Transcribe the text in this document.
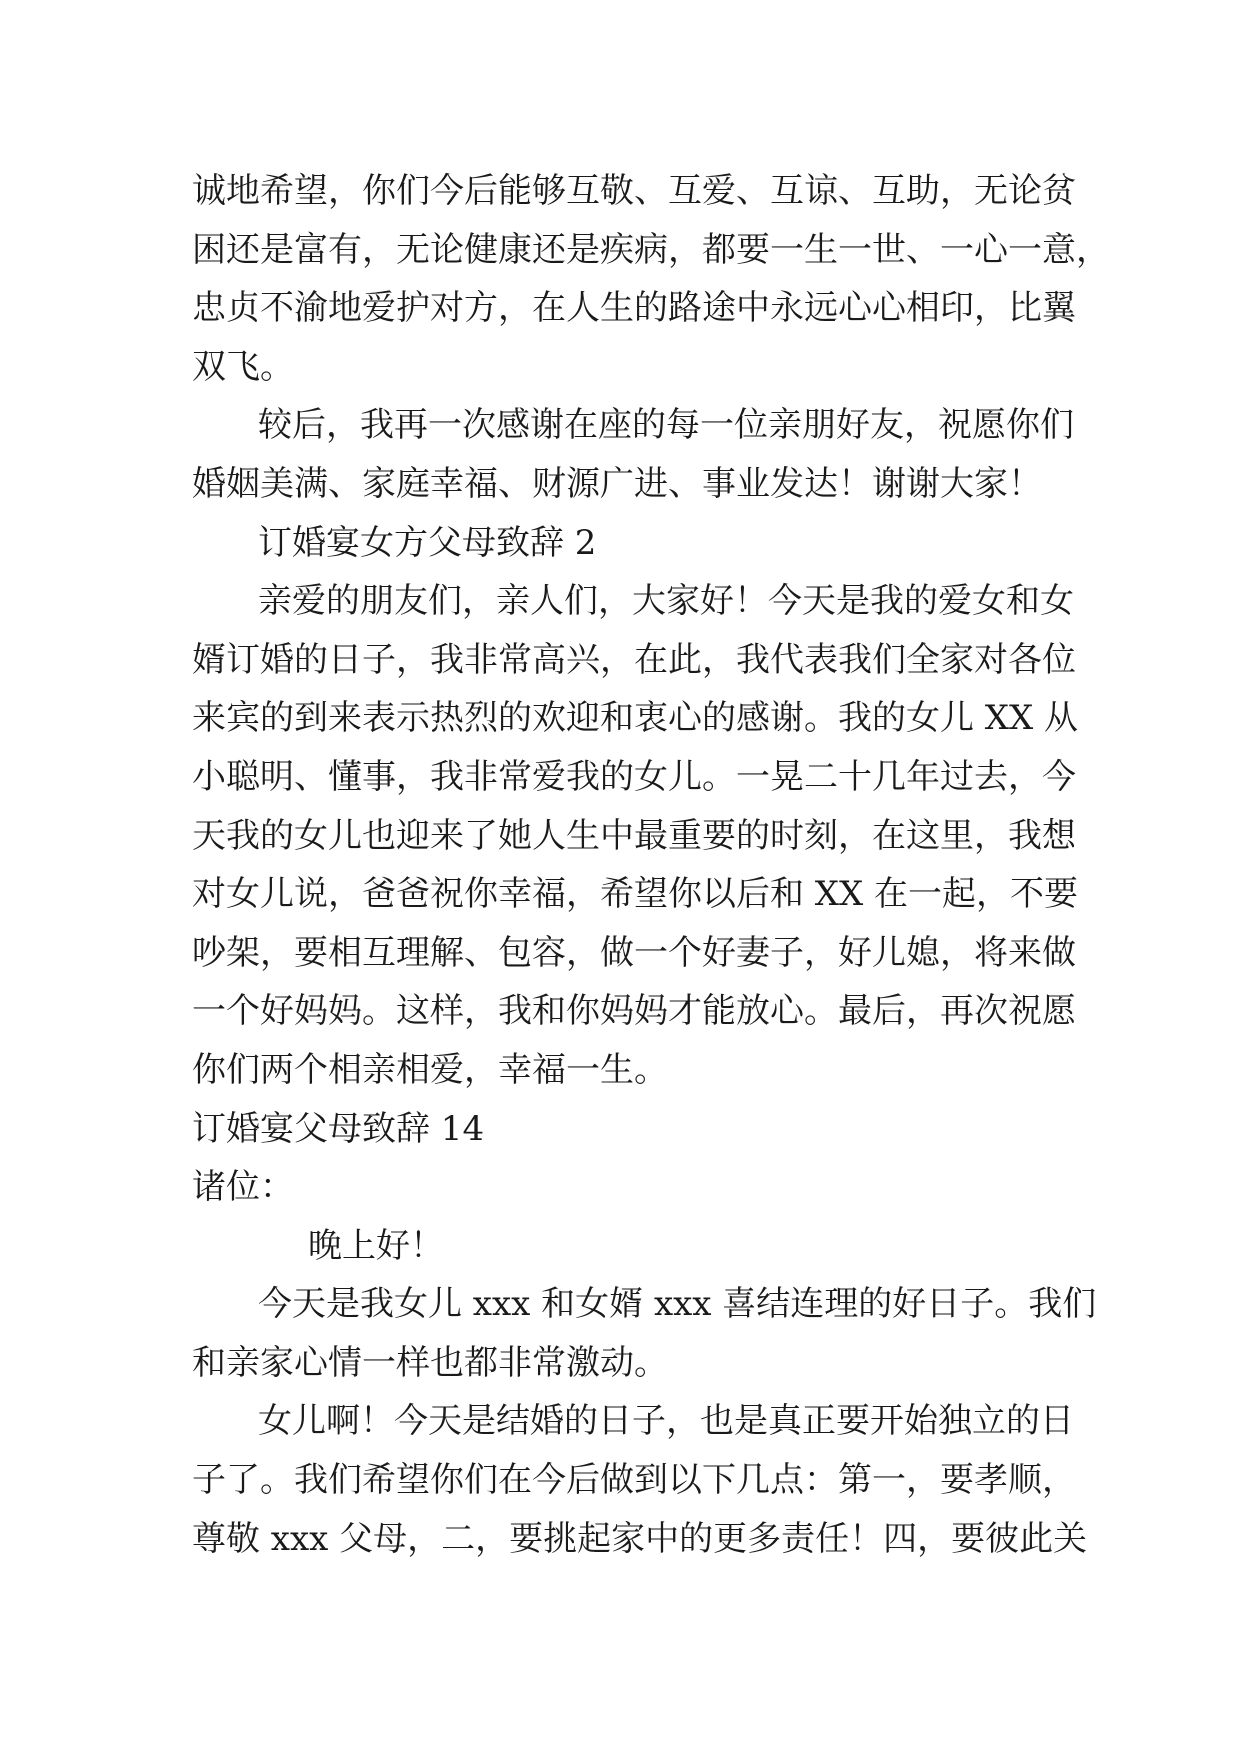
诚地希望，你们今后能够互敬、互爱、互谅、互助，无论贫
困还是富有，无论健康还是疾病，都要一生一世、一心一意，
忠贞不渝地爱护对方，在人生的路途中永远心心相印，比翼
双飞。
较后，我再一次感谢在座的每一位亲朋好友，祝愿你们
婚姻美满、家庭幸福、财源广进、事业发达！谢谢大家！
订婚宴女方父母致辞 2
亲爱的朋友们，亲人们，大家好！今天是我的爱女和女
婿订婚的日子，我非常高兴，在此，我代表我们全家对各位
来宾的到来表示热烈的欢迎和衷心的感谢。我的女儿 XX 从
小聪明、懂事，我非常爱我的女儿。一晃二十几年过去，今
天我的女儿也迎来了她人生中最重要的时刻，在这里，我想
对女儿说，爸爸祝你幸福，希望你以后和 XX 在一起，不要
吵架，要相互理解、包容，做一个好妻子，好儿媳，将来做
一个好妈妈。这样，我和你妈妈才能放心。最后，再次祝愿
你们两个相亲相爱，幸福一生。
订婚宴父母致辞 14
诸位：
晚上好！
今天是我女儿 xxx 和女婿 xxx 喜结连理的好日子。我们
和亲家心情一样也都非常激动。
女儿啊！今天是结婚的日子，也是真正要开始独立的日
子了。我们希望你们在今后做到以下几点：第一，要孝顺，
尊敬 xxx 父母，二，要挑起家中的更多责任！四，要彼此关
